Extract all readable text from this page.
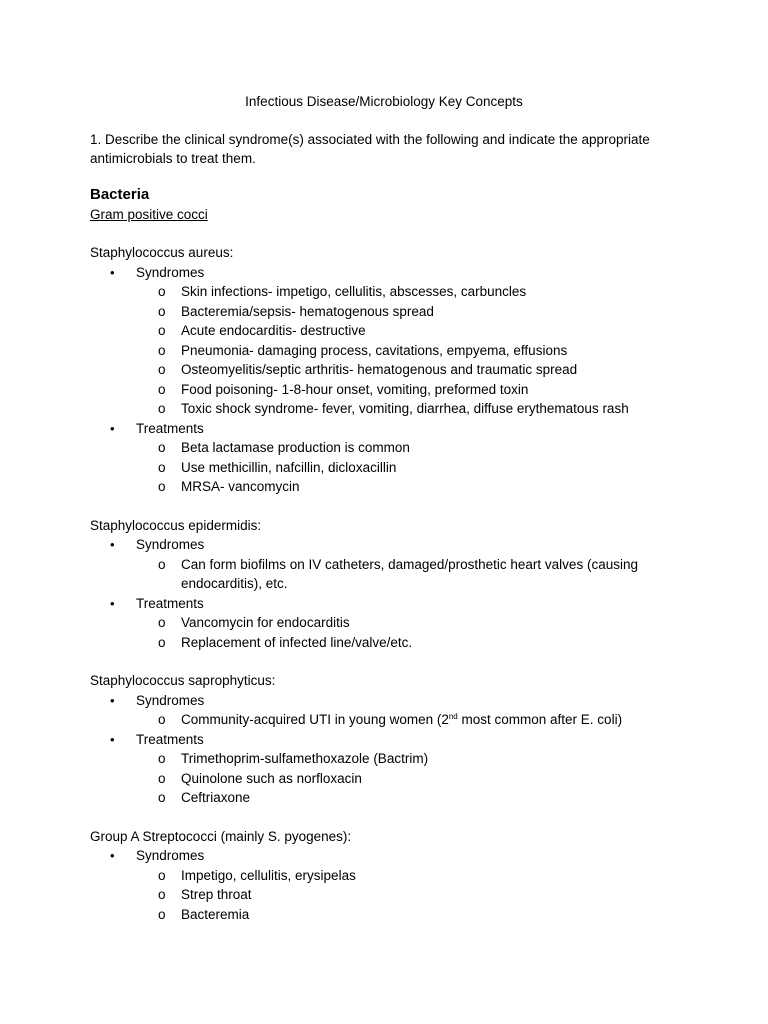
Infectious Disease/Microbiology Key Concepts
1. Describe the clinical syndrome(s) associated with the following and indicate the appropriate antimicrobials to treat them.
Bacteria
Gram positive cocci
Staphylococcus aureus:
• Syndromes
o Skin infections- impetigo, cellulitis, abscesses, carbuncles
o Bacteremia/sepsis- hematogenous spread
o Acute endocarditis- destructive
o Pneumonia- damaging process, cavitations, empyema, effusions
o Osteomyelitis/septic arthritis- hematogenous and traumatic spread
o Food poisoning- 1-8-hour onset, vomiting, preformed toxin
o Toxic shock syndrome- fever, vomiting, diarrhea, diffuse erythematous rash
• Treatments
o Beta lactamase production is common
o Use methicillin, nafcillin, dicloxacillin
o MRSA- vancomycin
Staphylococcus epidermidis:
• Syndromes
o Can form biofilms on IV catheters, damaged/prosthetic heart valves (causing endocarditis), etc.
• Treatments
o Vancomycin for endocarditis
o Replacement of infected line/valve/etc.
Staphylococcus saprophyticus:
• Syndromes
o Community-acquired UTI in young women (2nd most common after E. coli)
• Treatments
o Trimethoprim-sulfamethoxazole (Bactrim)
o Quinolone such as norfloxacin
o Ceftriaxone
Group A Streptococci (mainly S. pyogenes):
• Syndromes
o Impetigo, cellulitis, erysipelas
o Strep throat
o Bacteremia
